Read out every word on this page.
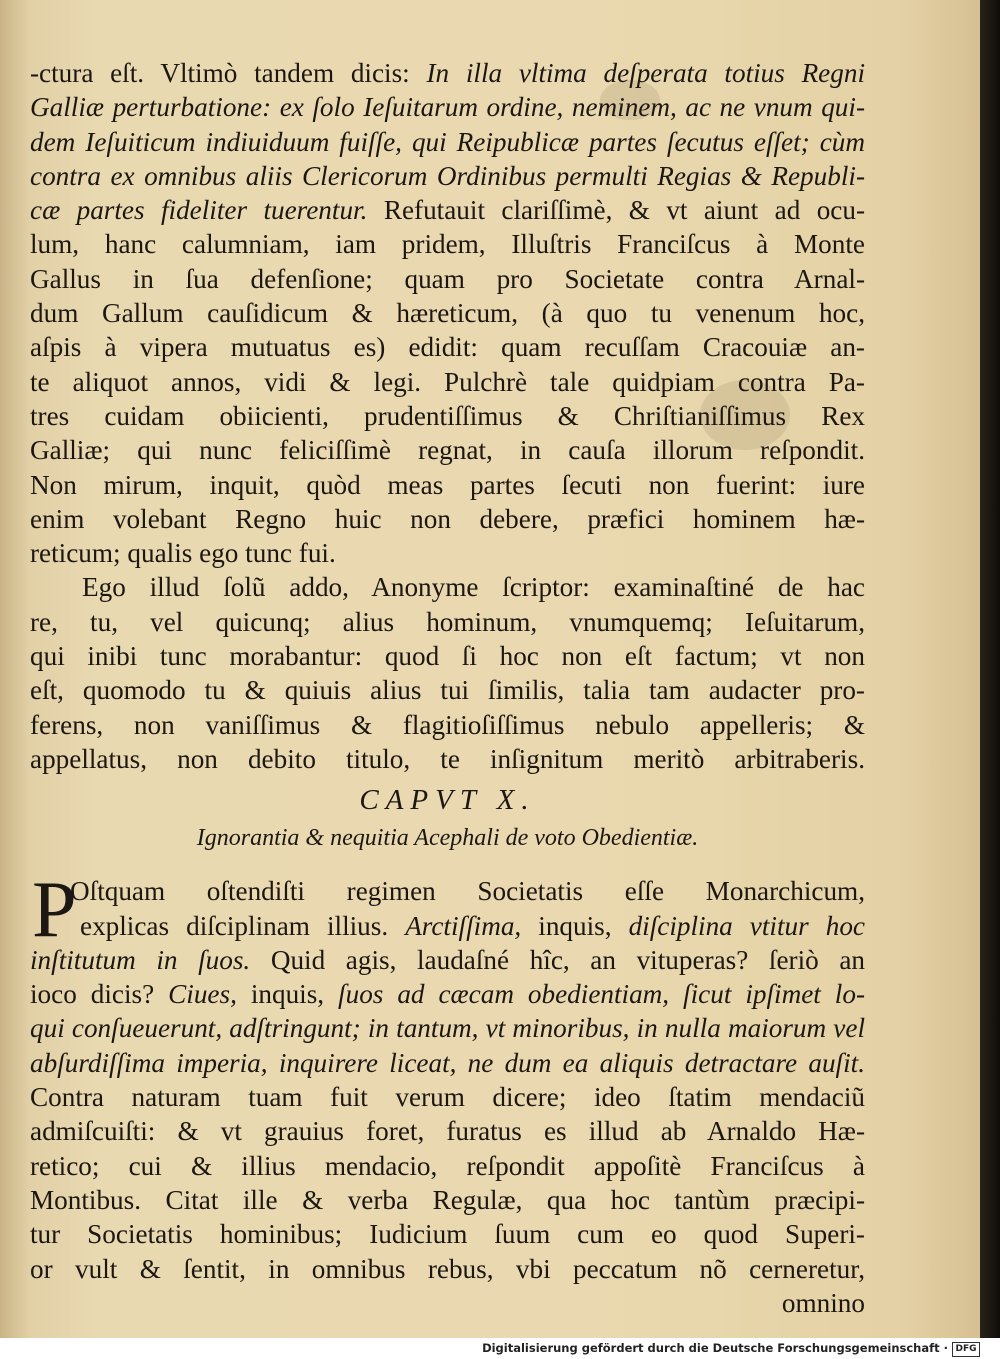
-ctura eſt. Vltimò tandem dicis: In illa vltima deſperata totius Regni
Galliæ perturbatione: ex ſolo Ieſuitarum ordine, neminem, ac ne vnum qui-
dem Ieſuiticum indiuiduum fuiſſe, qui Reipublicæ partes ſecutus eſſet; cùm
contra ex omnibus aliis Clericorum Ordinibus permulti Regias & Republi-
cæ partes fideliter tuerentur. Refutauit clariſſimè, & vt aiunt ad ocu-
lum, hanc calumniam, iam pridem, Illuſtris Franciſcus à Monte
Gallus in ſua defenſione; quam pro Societate contra Arnal-
dum Gallum cauſidicum & hæreticum, (à quo tu venenum hoc,
aſpis à vipera mutuatus es) edidit: quam recuſſam Cracouiæ an-
te aliquot annos, vidi & legi. Pulchrè tale quidpiam contra Pa-
tres cuidam obiicienti, prudentiſſimus & Chriſtianiſſimus Rex
Galliæ; qui nunc feliciſſimè regnat, in cauſa illorum reſpondit.
Non mirum, inquit, quòd meas partes ſecuti non fuerint: iure
enim volebant Regno huic non debere, præfici hominem hæ-
reticum; qualis ego tunc fui.
Ego illud ſolũ addo, Anonyme ſcriptor: examinaſtiné de hac
re, tu, vel quicunq; alius hominum, vnumquemq; Ieſuitarum,
qui inibi tunc morabantur: quod ſi hoc non eſt factum; vt non
eſt, quomodo tu & quiuis alius tui ſimilis, talia tam audacter pro-
ferens, non vaniſſimus & flagitioſiſſimus nebulo appelleris; &
appellatus, non debito titulo, te inſignitum meritò arbitraberis.
CAPVT X.
Ignorantia & nequitia Acephali de voto Obedientiæ.
P
Oſtquam oſtendiſti regimen Societatis eſſe Monarchicum,
explicas diſciplinam illius. Arctiſſima, inquis, diſciplina vtitur hoc
inſtitutum in ſuos. Quid agis, laudaſné hîc, an vituperas? ſeriò an
ioco dicis? Ciues, inquis, ſuos ad cæcam obedientiam, ſicut ipſimet lo-
qui conſueuerunt, adſtringunt; in tantum, vt minoribus, in nulla maiorum vel
abſurdiſſima imperia, inquirere liceat, ne dum ea aliquis detractare auſit.
Contra naturam tuam fuit verum dicere; ideo ſtatim mendaciũ
admiſcuiſti: & vt grauius foret, furatus es illud ab Arnaldo Hæ-
retico; cui & illius mendacio, reſpondit appoſitè Franciſcus à
Montibus. Citat ille & verba Regulæ, qua hoc tantùm præcipi-
tur Societatis hominibus; Iudicium ſuum cum eo quod Superi-
or vult & ſentit, in omnibus rebus, vbi peccatum nõ cerneretur,
omnino
Digitalisierung gefördert durch die Deutsche Forschungsgemeinschaft · DFG
